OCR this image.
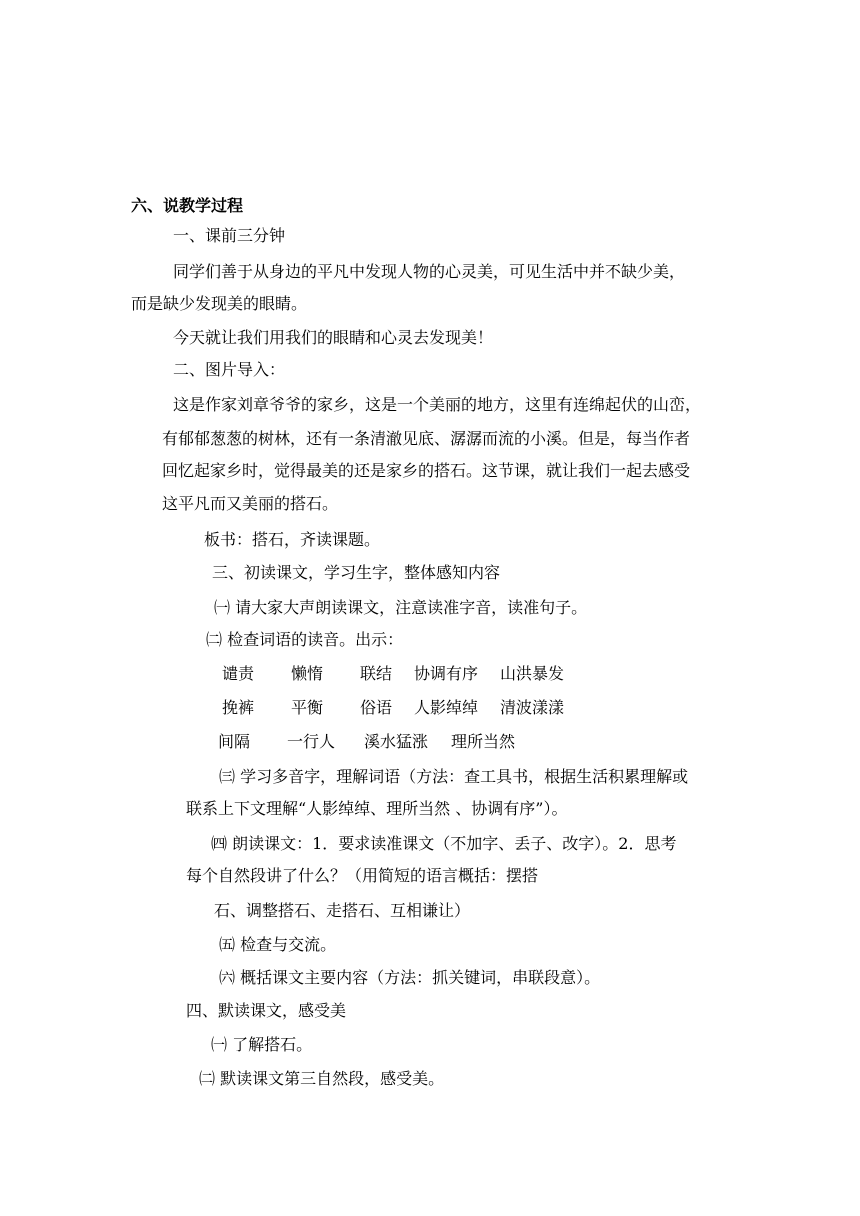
六、说教学过程

一、课前三分钟

同学们善于从身边的平凡中发现人物的心灵美，可见生活中并不缺少美，

而是缺少发现美的眼睛。

今天就让我们用我们的眼睛和心灵去发现美！

二、图片导入：

这是作家刘章爷爷的家乡，这是一个美丽的地方，这里有连绵起伏的山峦，

有郁郁葱葱的树林，还有一条清澈见底、潺潺而流的小溪。但是，每当作者

回忆起家乡时，觉得最美的还是家乡的搭石。这节课，就让我们一起去感受

这平凡而又美丽的搭石。

板书：搭石，齐读课题。

三、初读课文，学习生字，整体感知内容

㈠ 请大家大声朗读课文，注意读准字音，读准句子。

㈡ 检查词语的读音。出示：

谴责 懒惰 联结 协调有序 山洪暴发
挽裤 平衡 俗语 人影绰绰 清波漾漾
间隔 一行人 溪水猛涨 理所当然

㈢ 学习多音字，理解词语（方法：查工具书，根据生活积累理解或

联系上下文理解“人影绰绰、理所当然 、协调有序”）。

㈣ 朗读课文：1．要求读准课文（不加字、丢子、改字）。2．思考

每个自然段讲了什么？（用简短的语言概括：摆搭

石、调整搭石、走搭石、互相谦让）

㈤ 检查与交流。

㈥ 概括课文主要内容（方法：抓关键词，串联段意）。

四、默读课文，感受美

㈠ 了解搭石。

㈡ 默读课文第三自然段，感受美。
